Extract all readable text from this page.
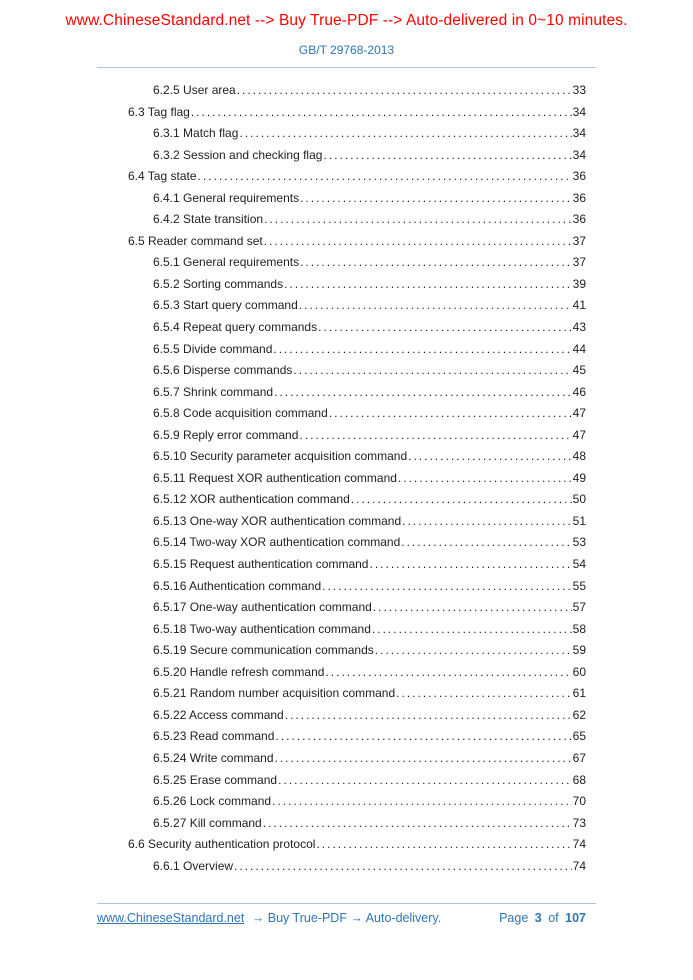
www.ChineseStandard.net --> Buy True-PDF --> Auto-delivered in 0~10 minutes.
GB/T 29768-2013
6.2.5 User area .....	33
6.3 Tag flag .....	34
6.3.1 Match flag .....	34
6.3.2 Session and checking flag .....	34
6.4 Tag state .....	36
6.4.1 General requirements .....	36
6.4.2 State transition .....	36
6.5 Reader command set .....	37
6.5.1 General requirements .....	37
6.5.2 Sorting commands .....	39
6.5.3 Start query command .....	41
6.5.4 Repeat query commands .....	43
6.5.5 Divide command .....	44
6.5.6 Disperse commands .....	45
6.5.7 Shrink command .....	46
6.5.8 Code acquisition command .....	47
6.5.9 Reply error command .....	47
6.5.10 Security parameter acquisition command .....	48
6.5.11 Request XOR authentication command .....	49
6.5.12 XOR authentication command .....	50
6.5.13 One-way XOR authentication command .....	51
6.5.14 Two-way XOR authentication command .....	53
6.5.15 Request authentication command .....	54
6.5.16 Authentication command .....	55
6.5.17 One-way authentication command .....	57
6.5.18 Two-way authentication command .....	58
6.5.19 Secure communication commands .....	59
6.5.20 Handle refresh command .....	60
6.5.21 Random number acquisition command .....	61
6.5.22 Access command .....	62
6.5.23 Read command .....	65
6.5.24 Write command .....	67
6.5.25 Erase command .....	68
6.5.26 Lock command .....	70
6.5.27 Kill command .....	73
6.6 Security authentication protocol .....	74
6.6.1 Overview .....	74
www.ChineseStandard.net → Buy True-PDF → Auto-delivery.	Page 3 of 107
